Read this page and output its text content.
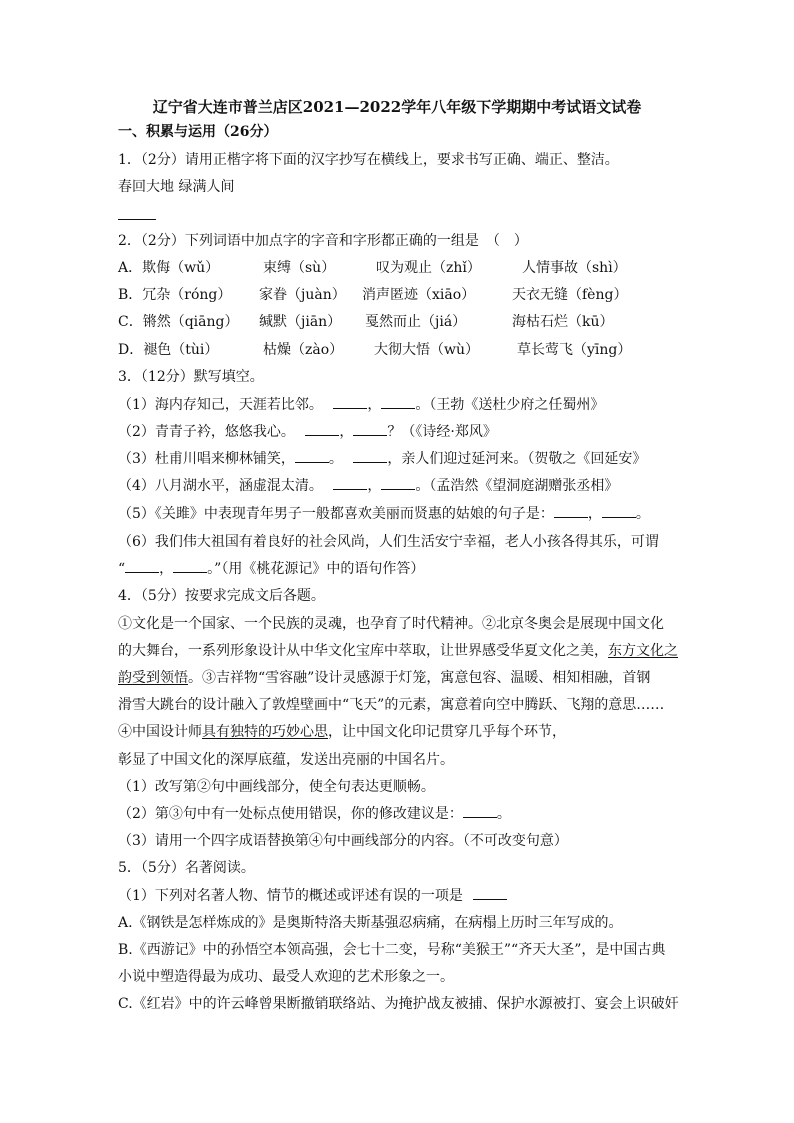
辽宁省大连市普兰店区2021—2022学年八年级下学期期中考试语文试卷
一、积累与运用（26分）
1．（2分）请用正楷字将下面的汉字抄写在横线上，要求书写正确、端正、整洁。
春回大地 绿满人间
2．（2分）下列词语中加点字的字音和字形都正确的一组是　（　）
A．欺侮（wǔ）	束缚（sù）	叹为观止（zhǐ）	人情事故（shì）
B．冗杂（róng） 家眷（juàn） 消声匿迹（xiāo）	天衣无缝（fèng）
C．锵然（qiāng） 缄默（jiān） 戛然而止（jiá）	海枯石烂（kū）
D．褪色（tùi）	枯燥（zào） 大彻大悟（wù）	草长莺飞（yīng）
3．（12分）默写填空。
（1）海内存知己，天涯若比邻。	， 。（王勃《送杜少府之任蜀州》
（2）青青子衿，悠悠我心。	， ？（《诗经·郑风》
（3）杜甫川唱来柳林铺笑， 。	，亲人们迎过延河来。（贺敬之《回延安》
（4）八月湖水平，涵虚混太清。	， 。（孟浩然《望洞庭湖赠张丞相》
（5）《关雎》中表现青年男子一般都喜欢美丽而贤惠的姑娘的句子是： ， 。
（6）我们伟大祖国有着良好的社会风尚，人们生活安宁幸福，老人小孩各得其乐，可谓
“ ， 。”（用《桃花源记》中的语句作答）
4．（5分）按要求完成文后各题。
①文化是一个国家、一个民族的灵魂，也孕育了时代精神。②北京冬奥会是展现中国文化
的大舞台，一系列形象设计从中华文化宝库中萃取，让世界感受华夏文化之美，东方文化之
韵受到领悟。③吉祥物“雪容融”设计灵感源于灯笼，寓意包容、温暖、相知相融，首钢
滑雪大跳台的设计融入了敦煌壁画中“飞天”的元素，寓意着向空中腾跃、飞翔的意思……
④中国设计师具有独特的巧妙心思，让中国文化印记贯穿几乎每个环节，
彰显了中国文化的深厚底蕴，发送出亮丽的中国名片。
（1）改写第②句中画线部分，使全句表达更顺畅。
（2）第③句中有一处标点使用错误，你的修改建议是： 。
（3）请用一个四字成语替换第④句中画线部分的内容。（不可改变句意）
5．（5分）名著阅读。
（1）下列对名著人物、情节的概述或评述有误的一项是
A.《钢铁是怎样炼成的》是奥斯特洛夫斯基强忍病痛，在病榻上历时三年写成的。
B.《西游记》中的孙悟空本领高强，会七十二变，号称“美猴王”“齐天大圣”，是中国古典
小说中塑造得最为成功、最受人欢迎的艺术形象之一。
C.《红岩》中的许云峰曾果断撤销联络站、为掩护战友被捕、保护水源被打、宴会上识破奸
